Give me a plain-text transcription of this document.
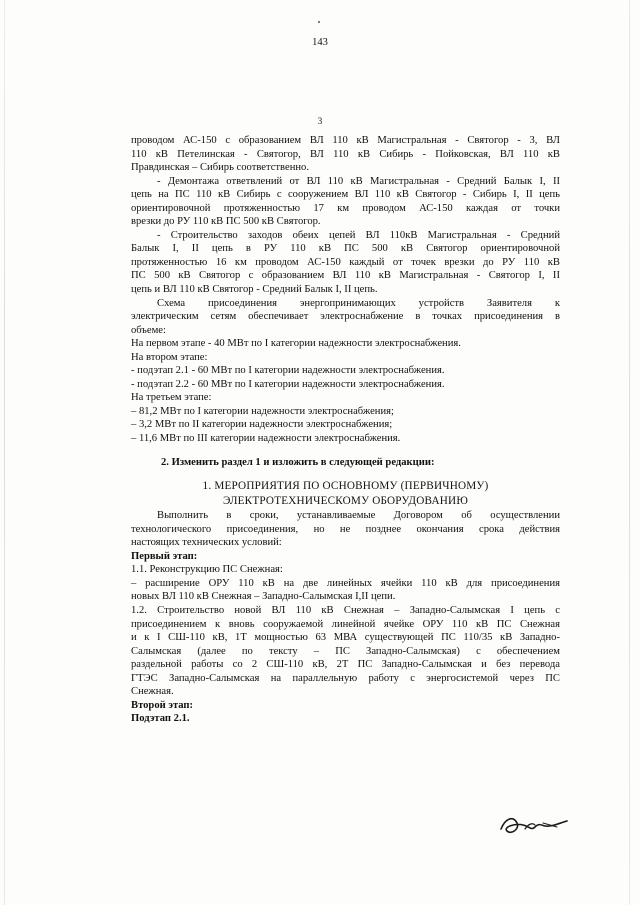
143
3
проводом АС-150 с образованием ВЛ 110 кВ Магистральная - Святогор - 3, ВЛ
110 кВ Петелинская - Святогор, ВЛ 110 кВ Сибирь - Пойковская, ВЛ 110 кВ
Правдинская – Сибирь соответственно.
- Демонтажа ответвлений от ВЛ 110 кВ Магистральная - Средний Балык I, II
цепь на ПС 110 кВ Сибирь с сооружением ВЛ 110 кВ Святогор - Сибирь I, II цепь
ориентировочной протяженностью 17 км проводом АС-150 каждая от точки
врезки до РУ 110 кВ ПС 500 кВ Святогор.
- Строительство заходов обеих цепей ВЛ 110кВ Магистральная - Средний
Балык I, II цепь в РУ 110 кВ ПС 500 кВ Святогор ориентировочной
протяженностью 16 км проводом АС-150 каждый от точек врезки до РУ 110 кВ
ПС 500 кВ Святогор с образованием ВЛ 110 кВ Магистральная - Святогор I, II
цепь и ВЛ 110 кВ Святогор - Средний Балык I, II цепь.
Схема присоединения энергопринимающих устройств Заявителя к
электрическим сетям обеспечивает электроснабжение в точках присоединения в
объеме:
На первом этапе - 40 МВт по I категории надежности электроснабжения.
На втором этапе:
- подэтап 2.1 - 60 МВт по I категории надежности электроснабжения.
- подэтап 2.2 - 60 МВт по I категории надежности электроснабжения.
На третьем этапе:
– 81,2 МВт по I категории надежности электроснабжения;
– 3,2 МВт по II категории надежности электроснабжения;
– 11,6 МВт по III категории надежности электроснабжения.
2. Изменить раздел 1 и изложить в следующей редакции:
1. МЕРОПРИЯТИЯ ПО ОСНОВНОМУ (ПЕРВИЧНОМУ)
ЭЛЕКТРОТЕХНИЧЕСКОМУ ОБОРУДОВАНИЮ
Выполнить в сроки, устанавливаемые Договором об осуществлении
технологического присоединения, но не позднее окончания срока действия
настоящих технических условий:
Первый этап:
1.1. Реконструкцию ПС Снежная:
– расширение ОРУ 110 кВ на две линейных ячейки 110 кВ для присоединения
новых ВЛ 110 кВ Снежная – Западно-Салымская I,II цепи.
1.2. Строительство новой ВЛ 110 кВ Снежная – Западно-Салымская I цепь с
присоединением к вновь сооружаемой линейной ячейке ОРУ 110 кВ ПС Снежная
и к I СШ-110 кВ, 1Т мощностью 63 МВА существующей ПС 110/35 кВ Западно-
Салымская (далее по тексту – ПС Западно-Салымская) с обеспечением
раздельной работы со 2 СШ-110 кВ, 2Т ПС Западно-Салымская и без перевода
ГТЭС Западно-Салымская на параллельную работу с энергосистемой через ПС
Снежная.
Второй этап:
Подэтап 2.1.
